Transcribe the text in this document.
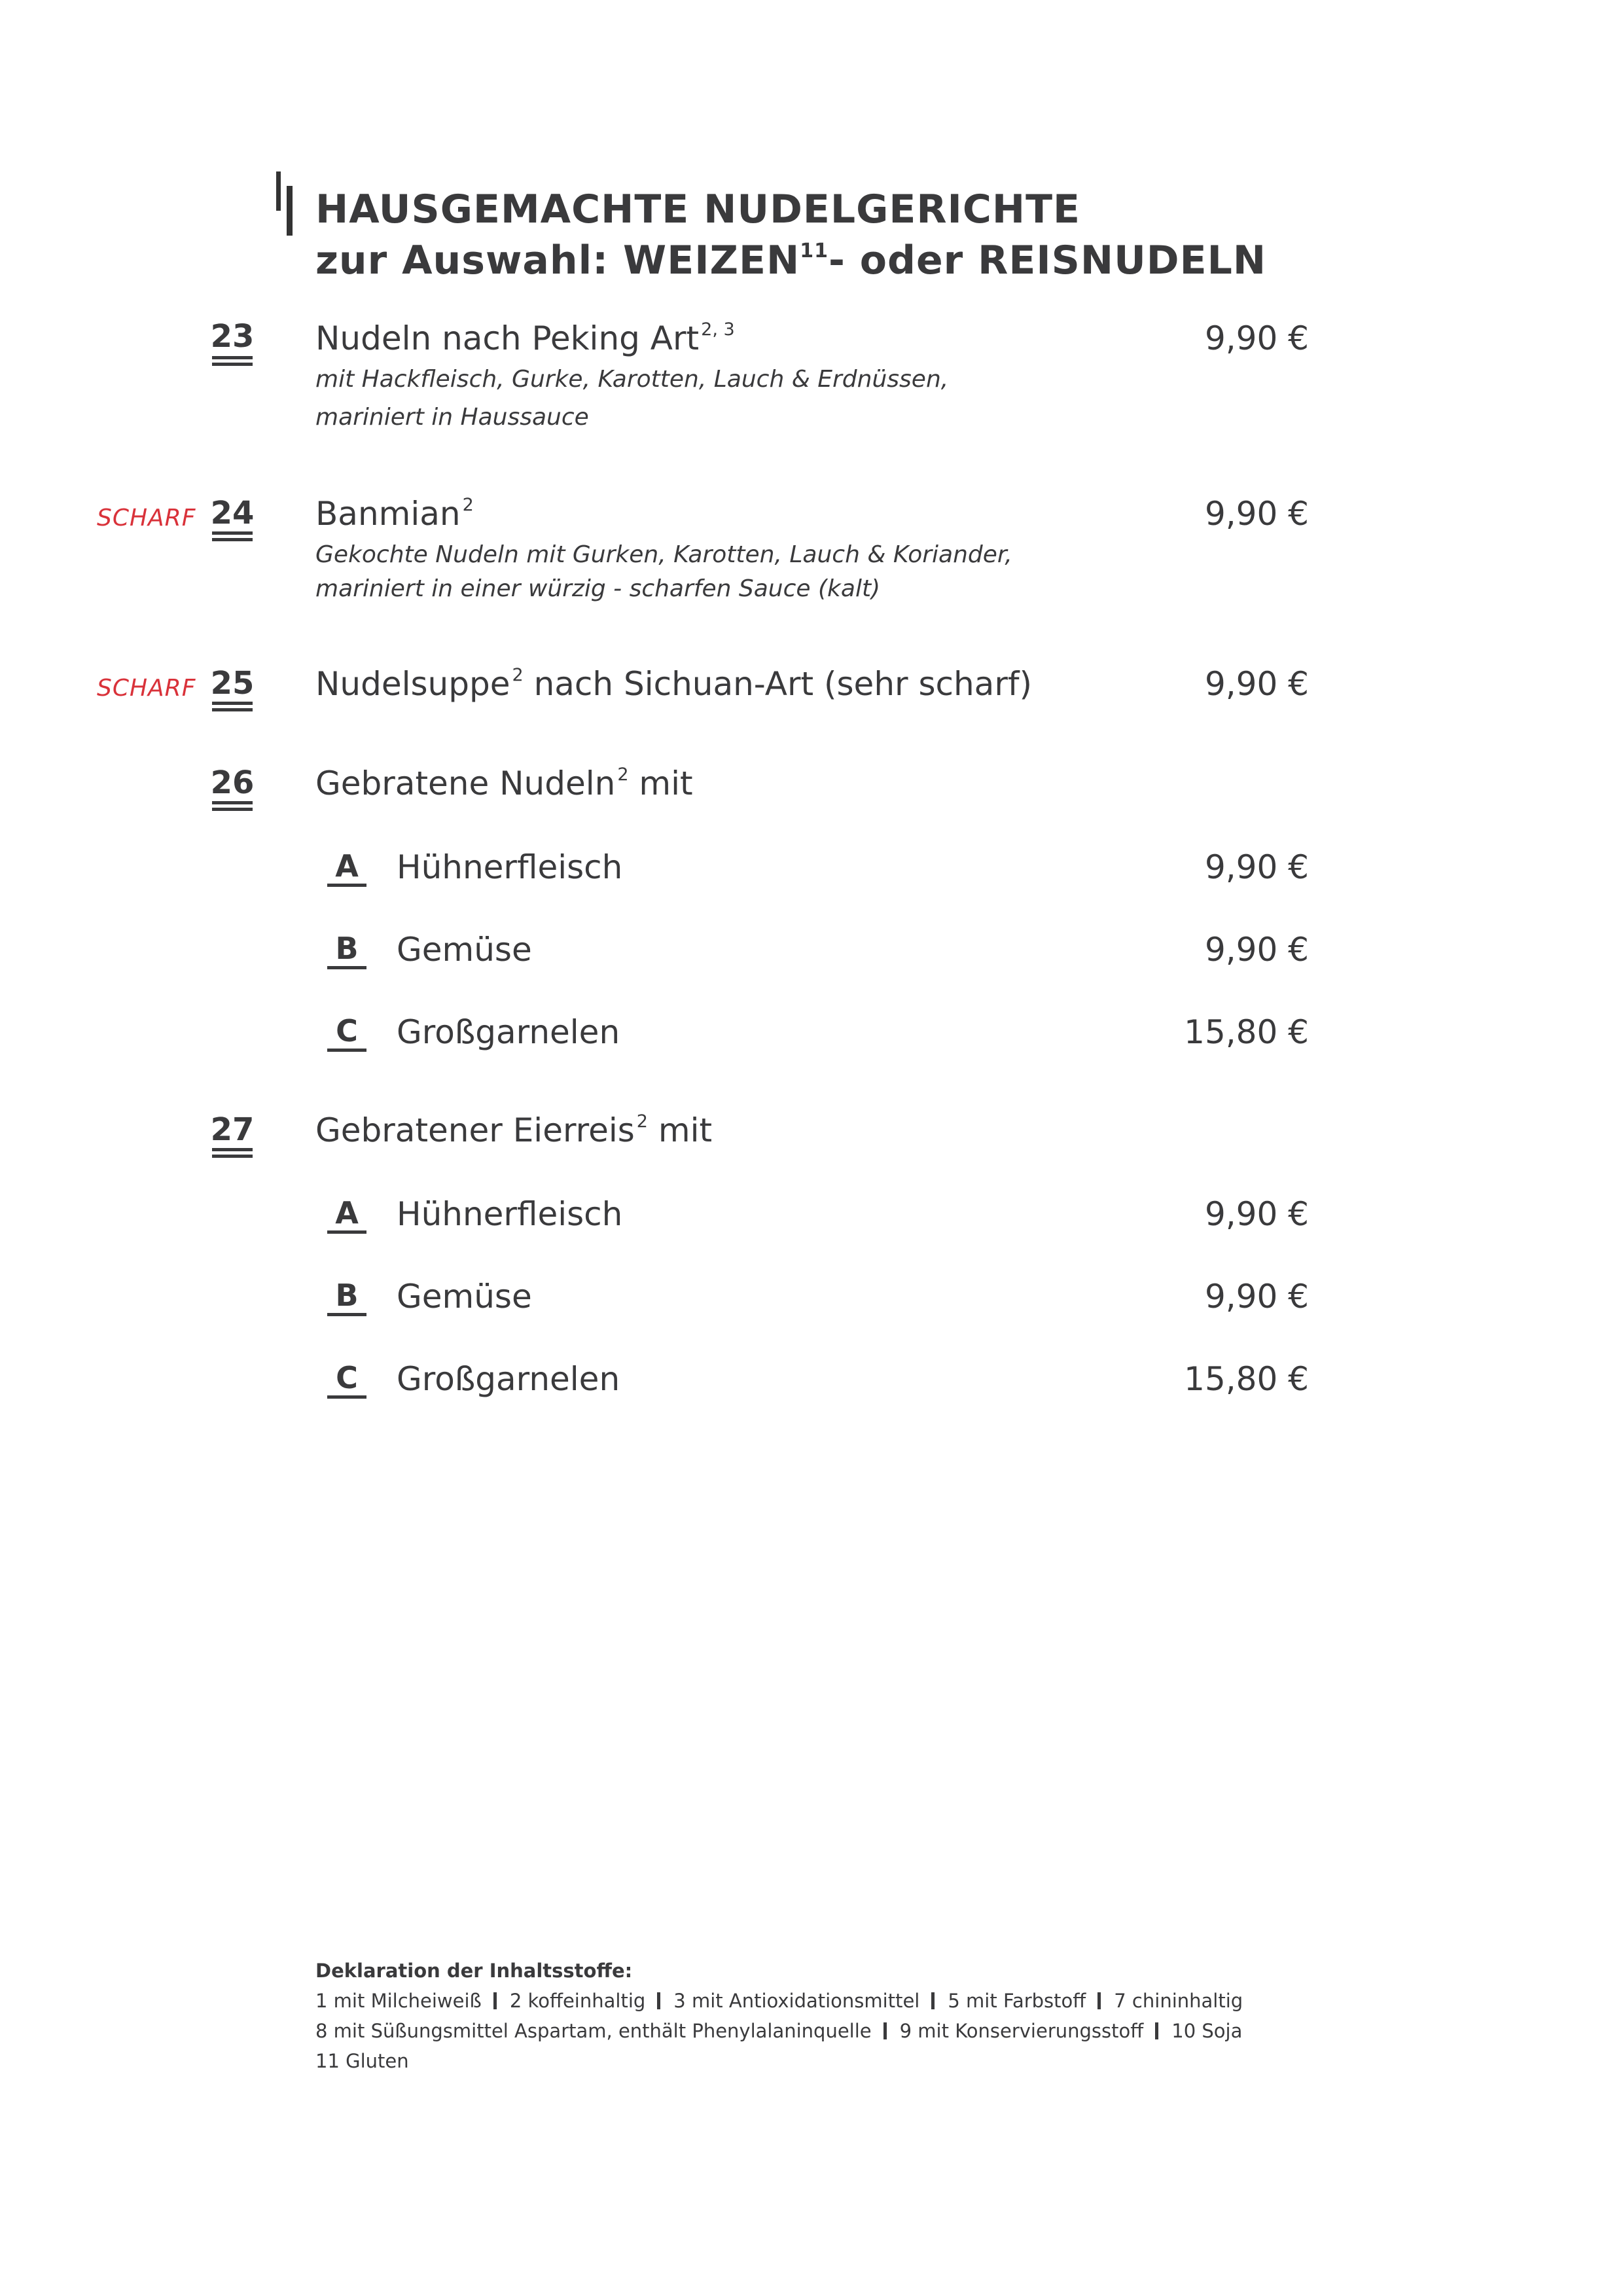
HAUSGEMACHTE NUDELGERICHTE
zur Auswahl: WEIZEN$^{11}$- oder REISNUDELN
23 Nudeln nach Peking Art $^{2, 3}$
mit Hackfleisch, Gurke, Karotten, Lauch & Erdnüssen,
mariniert in Haussauce
9,90 €
SCHARF 24 Banmian $^2$
Gekochte Nudeln mit Gurken, Karotten, Lauch & Koriander,
mariniert in einer würzig - scharfen Sauce (kalt)
9,90 €
SCHARF 25 Nudelsuppe $^2$ nach Sichuan-Art (sehr scharf)	9,90 €
26 Gebratene Nudeln $^2$ mit
A Hühnerfleisch	9,90 €
B Gemüse	9,90 €
C Großgarnelen	15,80 €
27 Gebratener Eierreis $^2$ mit
A Hühnerfleisch	9,90 €
B Gemüse	9,90 €
C Großgarnelen	15,80 €
Deklaration der Inhaltsstoffe:
1 mit Milcheiweiß 2 koffeinhaltig 3 mit Antioxidationsmittel 5 mit Farbstoff 7 chininhaltig
8 mit Süßungsmittel Aspartam, enthält Phenylalaninquelle 9 mit Konservierungsstoff 10 Soja
11 Gluten
